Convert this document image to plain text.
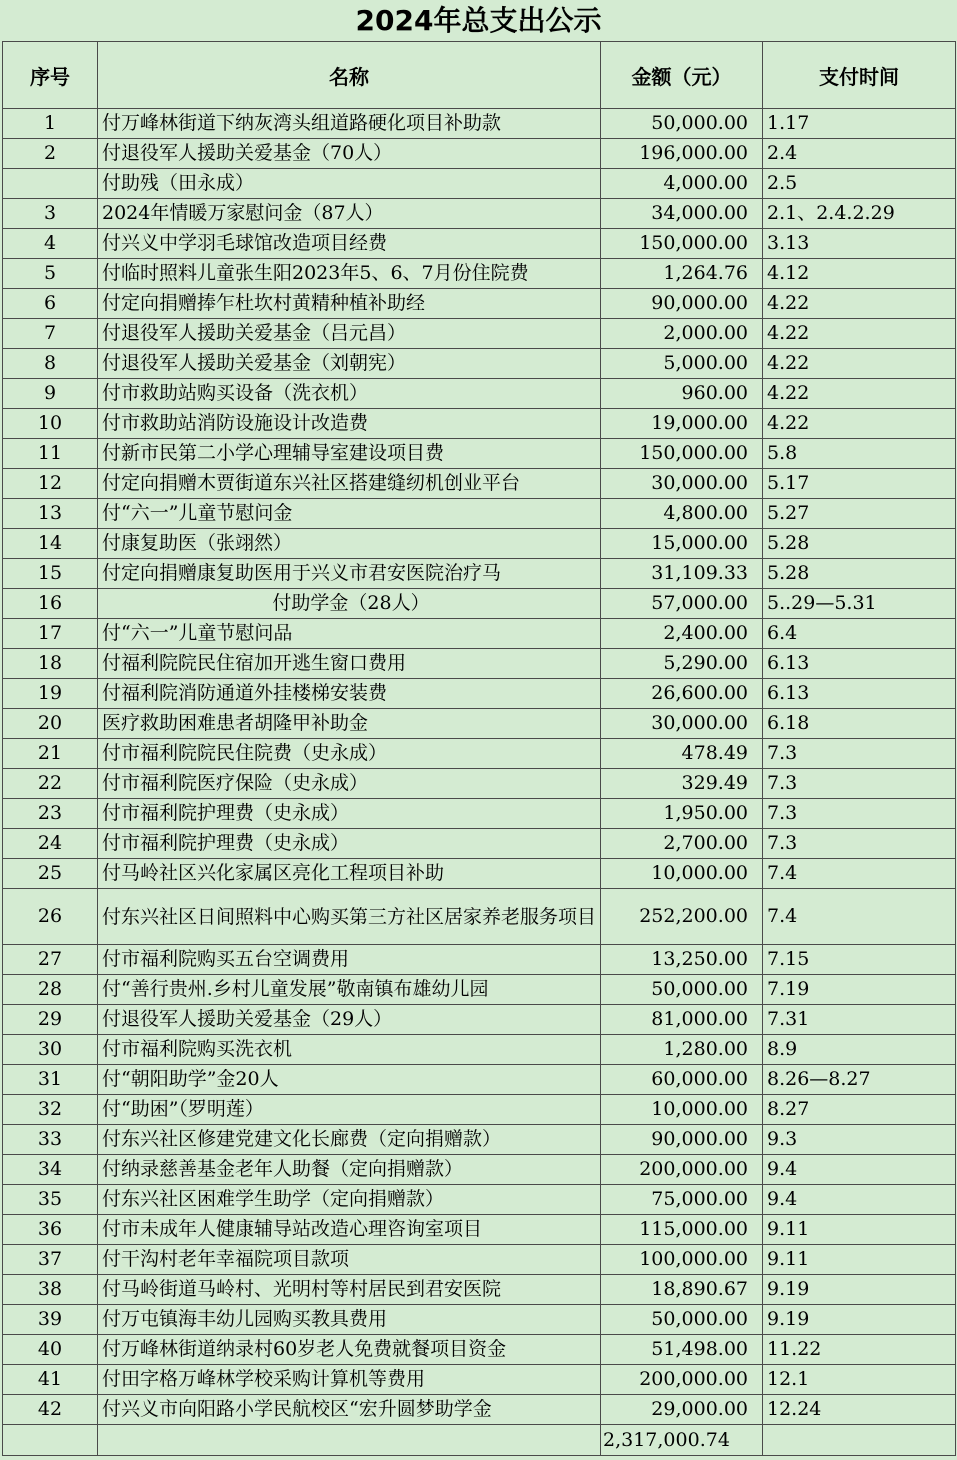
2024年总支出公示
序号	名称	金额（元）	支付时间
1	付万峰林街道下纳灰湾头组道路硬化项目补助款	50,000.00	1.17
2	付退役军人援助关爱基金（70人）	196,000.00	2.4
	付助残（田永成）	4,000.00	2.5
3	2024年情暖万家慰问金（87人）	34,000.00	2.1、2.4.2.29
4	付兴义中学羽毛球馆改造项目经费	150,000.00	3.13
5	付临时照料儿童张生阳2023年5、6、7月份住院费	1,264.76	4.12
6	付定向捐赠捧乍杜坎村黄精种植补助经	90,000.00	4.22
7	付退役军人援助关爱基金（吕元昌）	2,000.00	4.22
8	付退役军人援助关爱基金（刘朝宪）	5,000.00	4.22
9	付市救助站购买设备（洗衣机）	960.00	4.22
10	付市救助站消防设施设计改造费	19,000.00	4.22
11	付新市民第二小学心理辅导室建设项目费	150,000.00	5.8
12	付定向捐赠木贾街道东兴社区搭建缝纫机创业平台	30,000.00	5.17
13	付“六一”儿童节慰问金	4,800.00	5.27
14	付康复助医（张翊然）	15,000.00	5.28
15	付定向捐赠康复助医用于兴义市君安医院治疗马	31,109.33	5.28
16	付助学金（28人）	57,000.00	5..29—5.31
17	付“六一”儿童节慰问品	2,400.00	6.4
18	付福利院院民住宿加开逃生窗口费用	5,290.00	6.13
19	付福利院消防通道外挂楼梯安装费	26,600.00	6.13
20	医疗救助困难患者胡隆甲补助金	30,000.00	6.18
21	付市福利院院民住院费（史永成）	478.49	7.3
22	付市福利院医疗保险（史永成）	329.49	7.3
23	付市福利院护理费（史永成）	1,950.00	7.3
24	付市福利院护理费（史永成）	2,700.00	7.3
25	付马岭社区兴化家属区亮化工程项目补助	10,000.00	7.4
26	付东兴社区日间照料中心购买第三方社区居家养老服务项目	252,200.00	7.4
27	付市福利院购买五台空调费用	13,250.00	7.15
28	付“善行贵州.乡村儿童发展”敬南镇布雄幼儿园	50,000.00	7.19
29	付退役军人援助关爱基金（29人）	81,000.00	7.31
30	付市福利院购买洗衣机	1,280.00	8.9
31	付“朝阳助学”金20人	60,000.00	8.26—8.27
32	付“助困”（罗明莲）	10,000.00	8.27
33	付东兴社区修建党建文化长廊费（定向捐赠款）	90,000.00	9.3
34	付纳录慈善基金老年人助餐（定向捐赠款）	200,000.00	9.4
35	付东兴社区困难学生助学（定向捐赠款）	75,000.00	9.4
36	付市未成年人健康辅导站改造心理咨询室项目	115,000.00	9.11
37	付干沟村老年幸福院项目款项	100,000.00	9.11
38	付马岭街道马岭村、光明村等村居民到君安医院	18,890.67	9.19
39	付万屯镇海丰幼儿园购买教具费用	50,000.00	9.19
40	付万峰林街道纳录村60岁老人免费就餐项目资金	51,498.00	11.22
41	付田字格万峰林学校采购计算机等费用	200,000.00	12.1
42	付兴义市向阳路小学民航校区“宏升圆梦助学金	29,000.00	12.24
		2,317,000.74	
